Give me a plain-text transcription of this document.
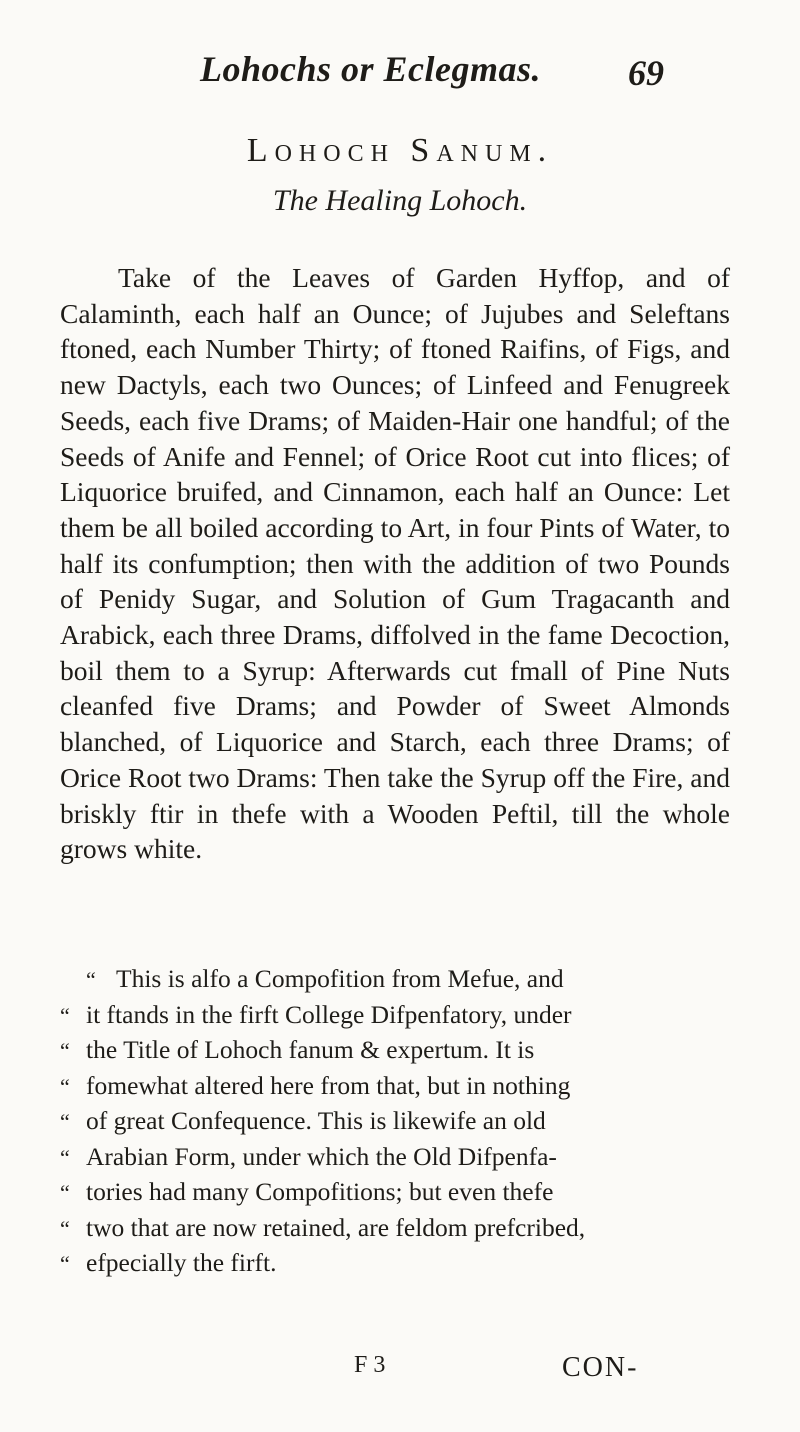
Lohochs or Eclegmas. 69
Lohoch Sanum.
The Healing Lohoch.

Take of the Leaves of Garden Hyffop, and of Calaminth, each half an Ounce; of Jujubes and Seleftans ftoned, each Number Thirty; of ftoned Raifins, of Figs, and new Dactyls, each two Ounces; of Linfeed and Fenugreek Seeds, each five Drams; of Maiden-Hair one handful; of the Seeds of Anife and Fennel; of Orice Root cut into flices; of Liquorice bruifed, and Cinnamon, each half an Ounce: Let them be all boiled according to Art, in four Pints of Water, to half its confumption; then with the addition of two Pounds of Penidy Sugar, and Solution of Gum Tragacanth and Arabick, each three Drams, diffolved in the fame Decoction, boil them to a Syrup: Afterwards cut fmall of Pine Nuts cleanfed five Drams; and Powder of Sweet Almonds blanched, of Liquorice and Starch, each three Drams; of Orice Root two Drams: Then take the Syrup off the Fire, and briskly ftir in thefe with a Wooden Peftil, till the whole grows white.

“ This is alfo a Compofition from Mefue, and
“ it ftands in the firft College Difpenfatory, under
“ the Title of Lohoch fanum & expertum. It is
“ fomewhat altered here from that, but in nothing
“ of great Confequence. This is likewife an old
“ Arabian Form, under which the Old Difpenfa-
“ tories had many Compofitions; but even thefe
“ two that are now retained, are feldom prefcribed,
“ efpecially the firft.
F 3	CON-
